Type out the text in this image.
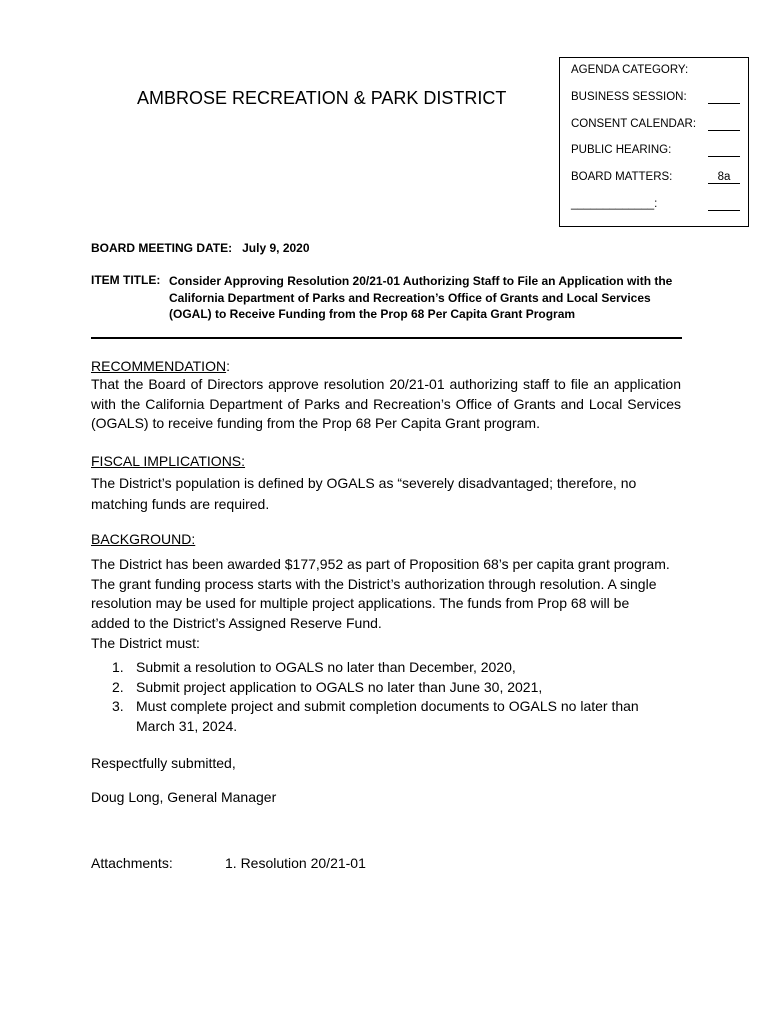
AMBROSE RECREATION & PARK DISTRICT
AGENDA CATEGORY:
BUSINESS SESSION:
CONSENT CALENDAR:
PUBLIC HEARING:
BOARD MATTERS:	8a
_____________:
BOARD MEETING DATE: July 9, 2020
ITEM TITLE: Consider Approving Resolution 20/21-01 Authorizing Staff to File an Application with the California Department of Parks and Recreation’s Office of Grants and Local Services (OGAL) to Receive Funding from the Prop 68 Per Capita Grant Program
RECOMMENDATION:
That the Board of Directors approve resolution 20/21-01 authorizing staff to file an application with the California Department of Parks and Recreation’s Office of Grants and Local Services (OGALS) to receive funding from the Prop 68 Per Capita Grant program.
FISCAL IMPLICATIONS:
The District’s population is defined by OGALS as “severely disadvantaged; therefore, no matching funds are required.
BACKGROUND:
The District has been awarded $177,952 as part of Proposition 68’s per capita grant program. The grant funding process starts with the District’s authorization through resolution. A single resolution may be used for multiple project applications. The funds from Prop 68 will be added to the District’s Assigned Reserve Fund.
The District must:
1. Submit a resolution to OGALS no later than December, 2020,
2. Submit project application to OGALS no later than June 30, 2021,
3. Must complete project and submit completion documents to OGALS no later than March 31, 2024.
Respectfully submitted,
Doug Long, General Manager
Attachments:	1. Resolution 20/21-01
